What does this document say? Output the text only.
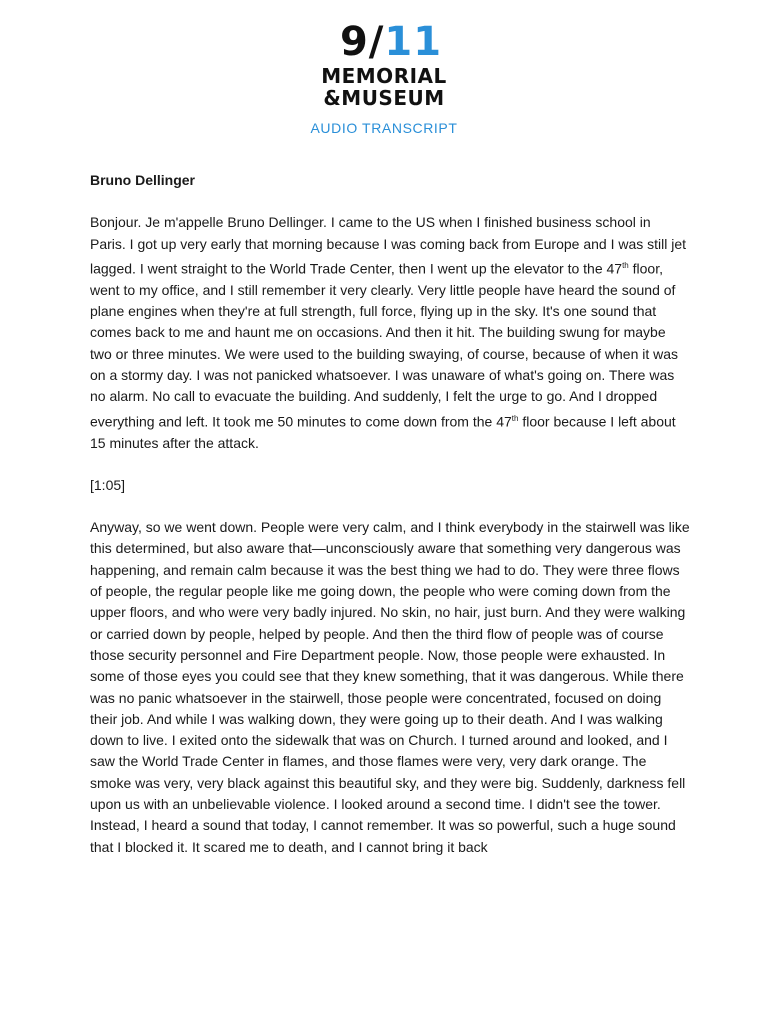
9/11
MEMORIAL
&MUSEUM
AUDIO TRANSCRIPT
Bruno Dellinger
Bonjour. Je m'appelle Bruno Dellinger. I came to the US when I finished business school in Paris. I got up very early that morning because I was coming back from Europe and I was still jet lagged. I went straight to the World Trade Center, then I went up the elevator to the 47th floor, went to my office, and I still remember it very clearly. Very little people have heard the sound of plane engines when they're at full strength, full force, flying up in the sky. It's one sound that comes back to me and haunt me on occasions. And then it hit. The building swung for maybe two or three minutes. We were used to the building swaying, of course, because of when it was on a stormy day. I was not panicked whatsoever. I was unaware of what's going on. There was no alarm. No call to evacuate the building. And suddenly, I felt the urge to go. And I dropped everything and left. It took me 50 minutes to come down from the 47th floor because I left about 15 minutes after the attack.
[1:05]
Anyway, so we went down. People were very calm, and I think everybody in the stairwell was like this determined, but also aware that—unconsciously aware that something very dangerous was happening, and remain calm because it was the best thing we had to do. They were three flows of people, the regular people like me going down, the people who were coming down from the upper floors, and who were very badly injured. No skin, no hair, just burn. And they were walking or carried down by people, helped by people. And then the third flow of people was of course those security personnel and Fire Department people. Now, those people were exhausted. In some of those eyes you could see that they knew something, that it was dangerous. While there was no panic whatsoever in the stairwell, those people were concentrated, focused on doing their job. And while I was walking down, they were going up to their death. And I was walking down to live. I exited onto the sidewalk that was on Church. I turned around and looked, and I saw the World Trade Center in flames, and those flames were very, very dark orange. The smoke was very, very black against this beautiful sky, and they were big. Suddenly, darkness fell upon us with an unbelievable violence. I looked around a second time. I didn't see the tower. Instead, I heard a sound that today, I cannot remember. It was so powerful, such a huge sound that I blocked it. It scared me to death, and I cannot bring it back
